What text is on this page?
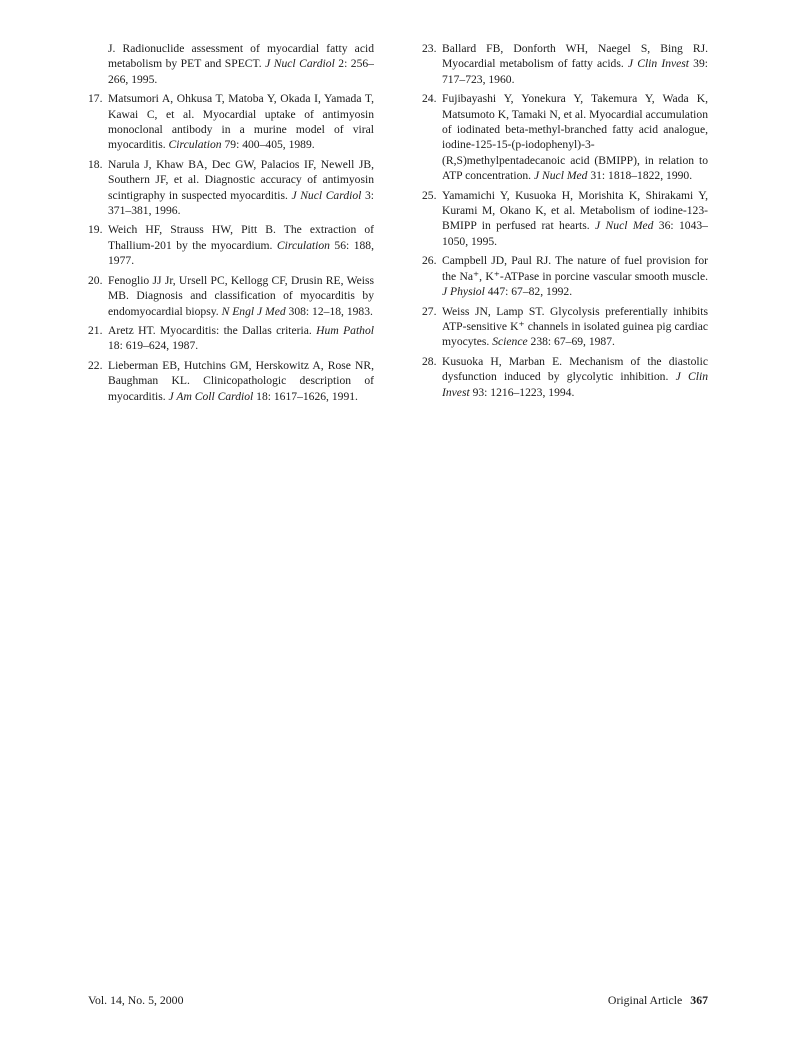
J. Radionuclide assessment of myocardial fatty acid metabolism by PET and SPECT. J Nucl Cardiol 2: 256–266, 1995.
17. Matsumori A, Ohkusa T, Matoba Y, Okada I, Yamada T, Kawai C, et al. Myocardial uptake of antimyosin monoclonal antibody in a murine model of viral myocarditis. Circulation 79: 400–405, 1989.
18. Narula J, Khaw BA, Dec GW, Palacios IF, Newell JB, Southern JF, et al. Diagnostic accuracy of antimyosin scintigraphy in suspected myocarditis. J Nucl Cardiol 3: 371–381, 1996.
19. Weich HF, Strauss HW, Pitt B. The extraction of Thallium-201 by the myocardium. Circulation 56: 188, 1977.
20. Fenoglio JJ Jr, Ursell PC, Kellogg CF, Drusin RE, Weiss MB. Diagnosis and classification of myocarditis by endomyocardial biopsy. N Engl J Med 308: 12–18, 1983.
21. Aretz HT. Myocarditis: the Dallas criteria. Hum Pathol 18: 619–624, 1987.
22. Lieberman EB, Hutchins GM, Herskowitz A, Rose NR, Baughman KL. Clinicopathologic description of myocarditis. J Am Coll Cardiol 18: 1617–1626, 1991.
23. Ballard FB, Donforth WH, Naegel S, Bing RJ. Myocardial metabolism of fatty acids. J Clin Invest 39: 717–723, 1960.
24. Fujibayashi Y, Yonekura Y, Takemura Y, Wada K, Matsumoto K, Tamaki N, et al. Myocardial accumulation of iodinated beta-methyl-branched fatty acid analogue, iodine-125-15-(p-iodophenyl)-3-(R,S)methylpentadecanoic acid (BMIPP), in relation to ATP concentration. J Nucl Med 31: 1818–1822, 1990.
25. Yamamichi Y, Kusuoka H, Morishita K, Shirakami Y, Kurami M, Okano K, et al. Metabolism of iodine-123-BMIPP in perfused rat hearts. J Nucl Med 36: 1043–1050, 1995.
26. Campbell JD, Paul RJ. The nature of fuel provision for the Na⁺, K⁺-ATPase in porcine vascular smooth muscle. J Physiol 447: 67–82, 1992.
27. Weiss JN, Lamp ST. Glycolysis preferentially inhibits ATP-sensitive K⁺ channels in isolated guinea pig cardiac myocytes. Science 238: 67–69, 1987.
28. Kusuoka H, Marban E. Mechanism of the diastolic dysfunction induced by glycolytic inhibition. J Clin Invest 93: 1216–1223, 1994.
Vol. 14, No. 5, 2000	Original Article 367
